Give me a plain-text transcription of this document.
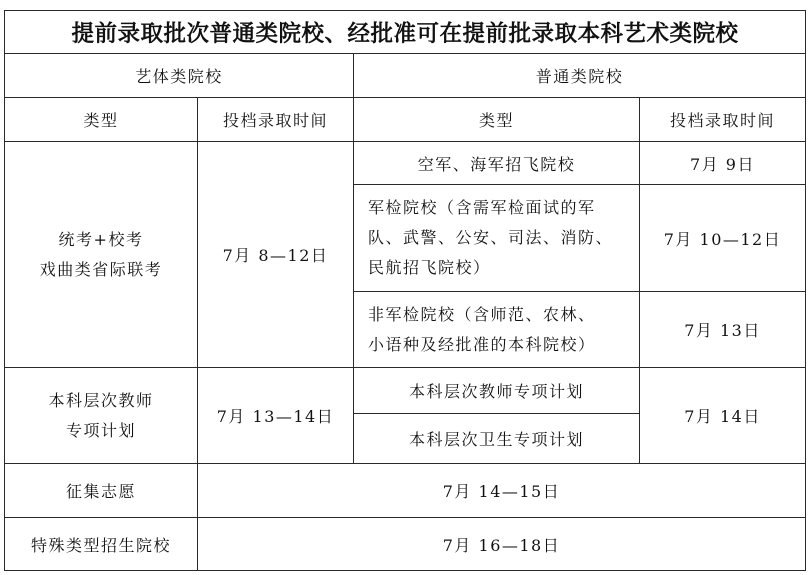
提前录取批次普通类院校、经批准可在提前批录取本科艺术类院校			
艺体类院校		普通类院校	
类型	投档录取时间	类型	投档录取时间

统考+校考
戏曲类省际联考	7月 8—12日	空军、海军招飞院校	7月 9日

		军检院校（含需军检面试的军
队、武警、公安、司法、消防、
民航招飞院校）	7月 10—12日

		非军检院校（含师范、农林、
小语种及经批准的本科院校）	7月 13日

本科层次教师
专项计划	7月 13—14日	本科层次教师专项计划	7月 14日

		本科层次卫生专项计划	

征集志愿	7月 14—15日		
特殊类型招生院校	7月 16—18日		
